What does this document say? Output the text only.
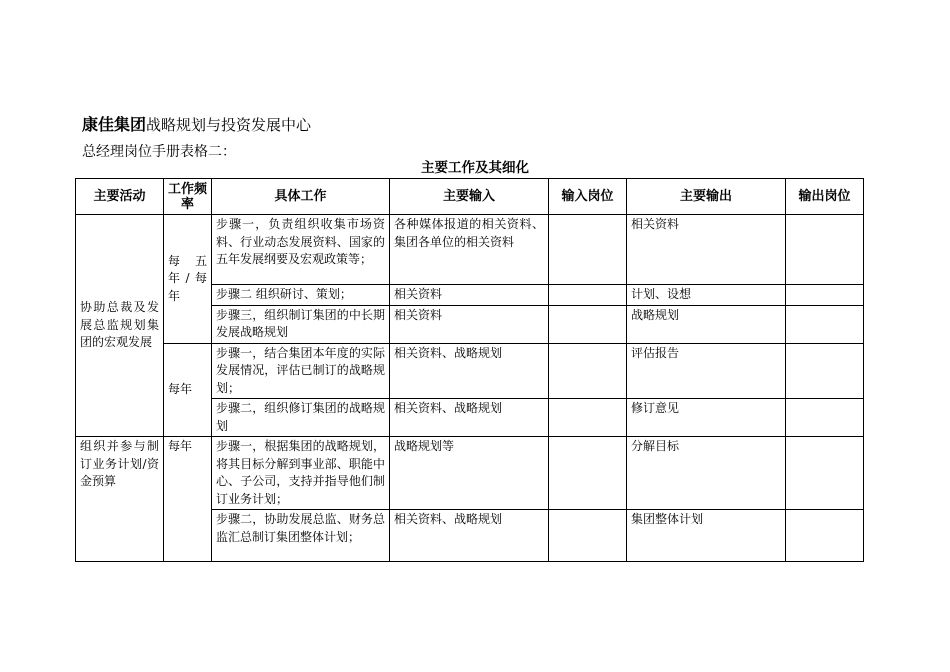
康佳集团战略规划与投资发展中心
总经理岗位手册表格二：
主要工作及其细化
主要活动	工作频率	具体工作	主要输入	输入岗位	主要输出	输出岗位
协助总裁及发展总监规划集团的宏观发展	每五年/每年	步骤一，负责组织收集市场资料、行业动态发展资料、国家的五年发展纲要及宏观政策等；	各种媒体报道的相关资料、集团各单位的相关资料		相关资料	
		步骤二 组织研讨、策划；	相关资料		计划、设想	
		步骤三，组织制订集团的中长期发展战略规划	相关资料		战略规划	
	每年	步骤一，结合集团本年度的实际发展情况，评估已制订的战略规划；	相关资料、战略规划		评估报告	
		步骤二，组织修订集团的战略规划	相关资料、战略规划		修订意见	
组织并参与制订业务计划/资金预算	每年	步骤一，根据集团的战略规划，将其目标分解到事业部、职能中心、子公司，支持并指导他们制订业务计划；	战略规划等		分解目标	
		步骤二，协助发展总监、财务总监汇总制订集团整体计划；	相关资料、战略规划		集团整体计划	
